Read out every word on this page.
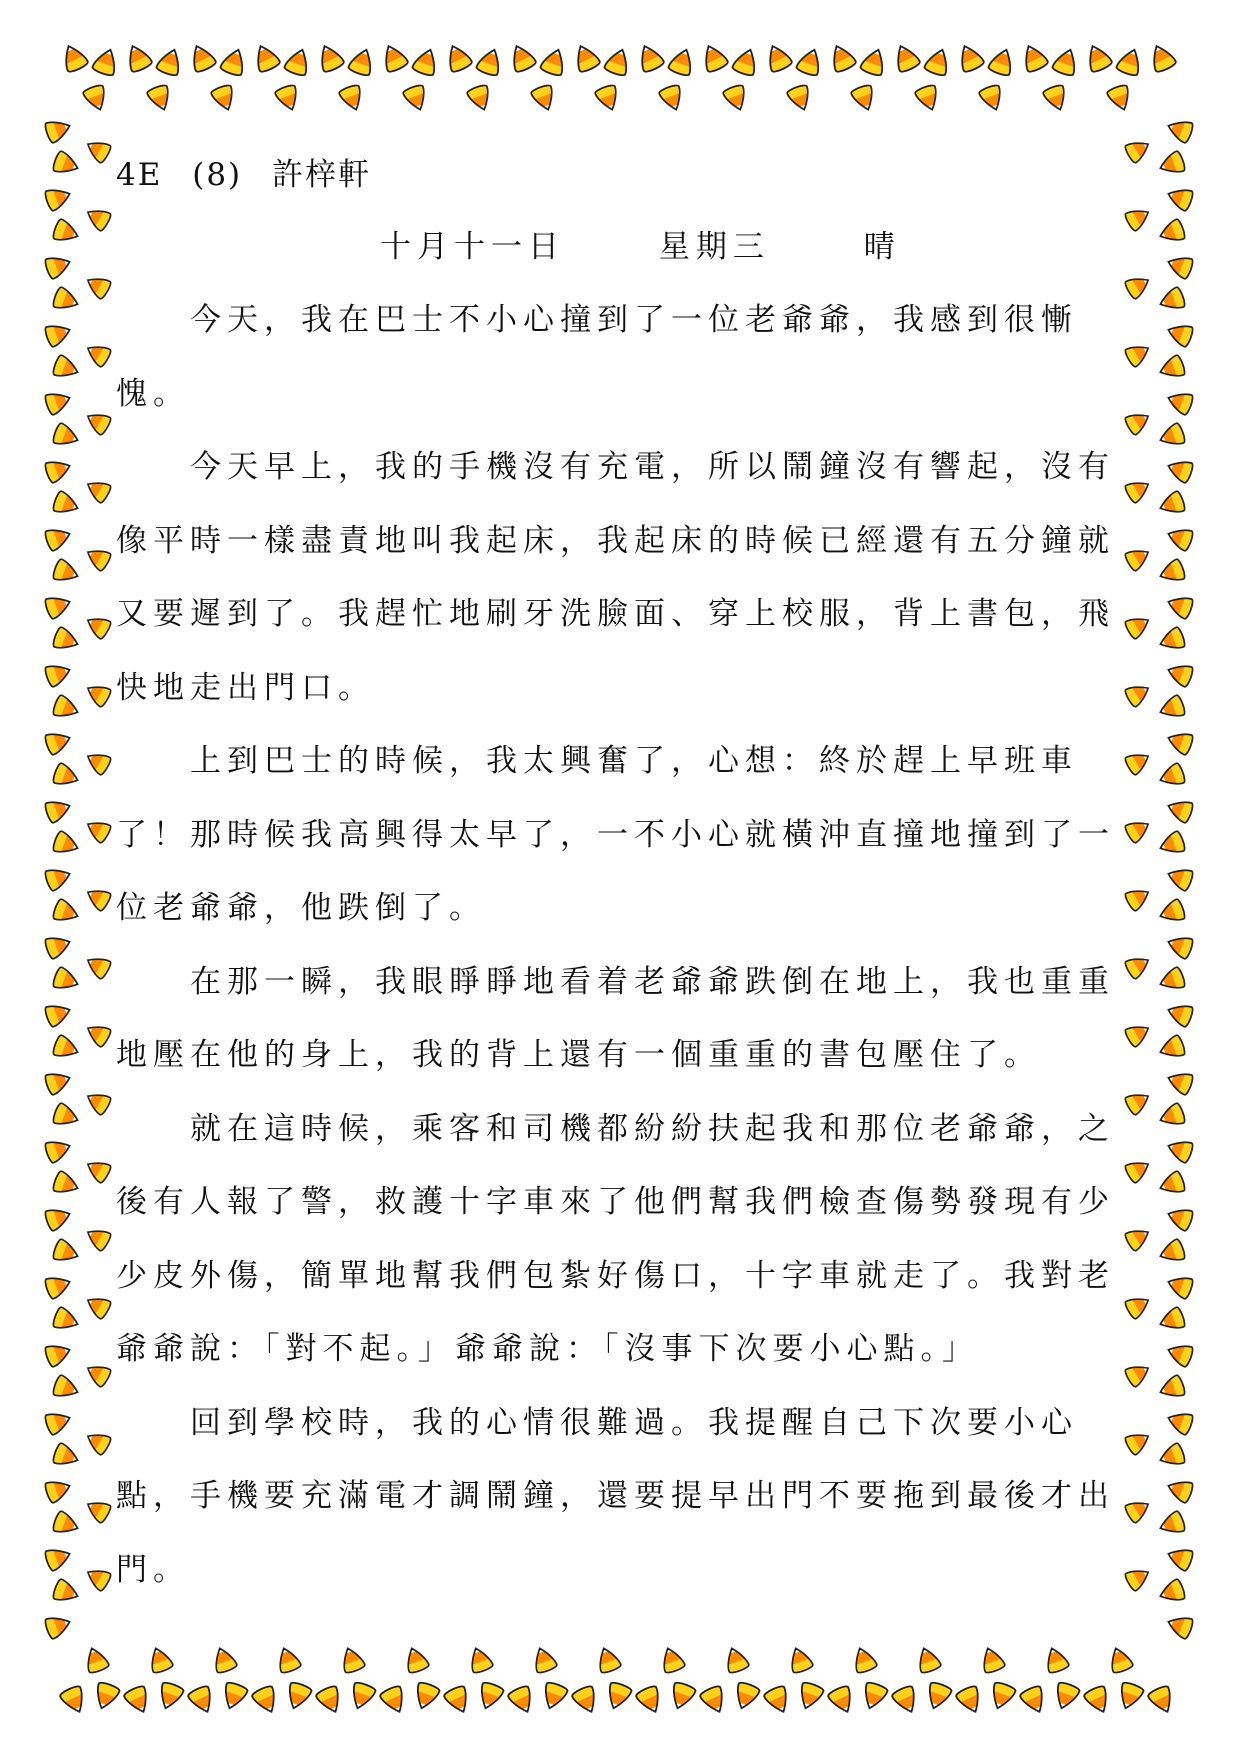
4E (8) 許梓軒
十月十一日	星期三	晴
　　今天，我在巴士不小心撞到了一位老爺爺，我感到很慚
愧。
　　今天早上，我的手機沒有充電，所以鬧鐘沒有響起，沒有
像平時一樣盡責地叫我起床，我起床的時候已經還有五分鐘就
又要遲到了。我趕忙地刷牙洗臉面、穿上校服，背上書包，飛
快地走出門口。
　　上到巴士的時候，我太興奮了，心想：終於趕上早班車
了！那時候我高興得太早了，一不小心就橫沖直撞地撞到了一
位老爺爺，他跌倒了。
　　在那一瞬，我眼睜睜地看着老爺爺跌倒在地上，我也重重
地壓在他的身上，我的背上還有一個重重的書包壓住了。
　　就在這時候，乘客和司機都紛紛扶起我和那位老爺爺，之
後有人報了警，救護十字車來了他們幫我們檢查傷勢發現有少
少皮外傷，簡單地幫我們包紮好傷口，十字車就走了。我對老
爺爺說：「對不起。」爺爺說：「沒事下次要小心點。」
　　回到學校時，我的心情很難過。我提醒自己下次要小心
點，手機要充滿電才調鬧鐘，還要提早出門不要拖到最後才出
門。
